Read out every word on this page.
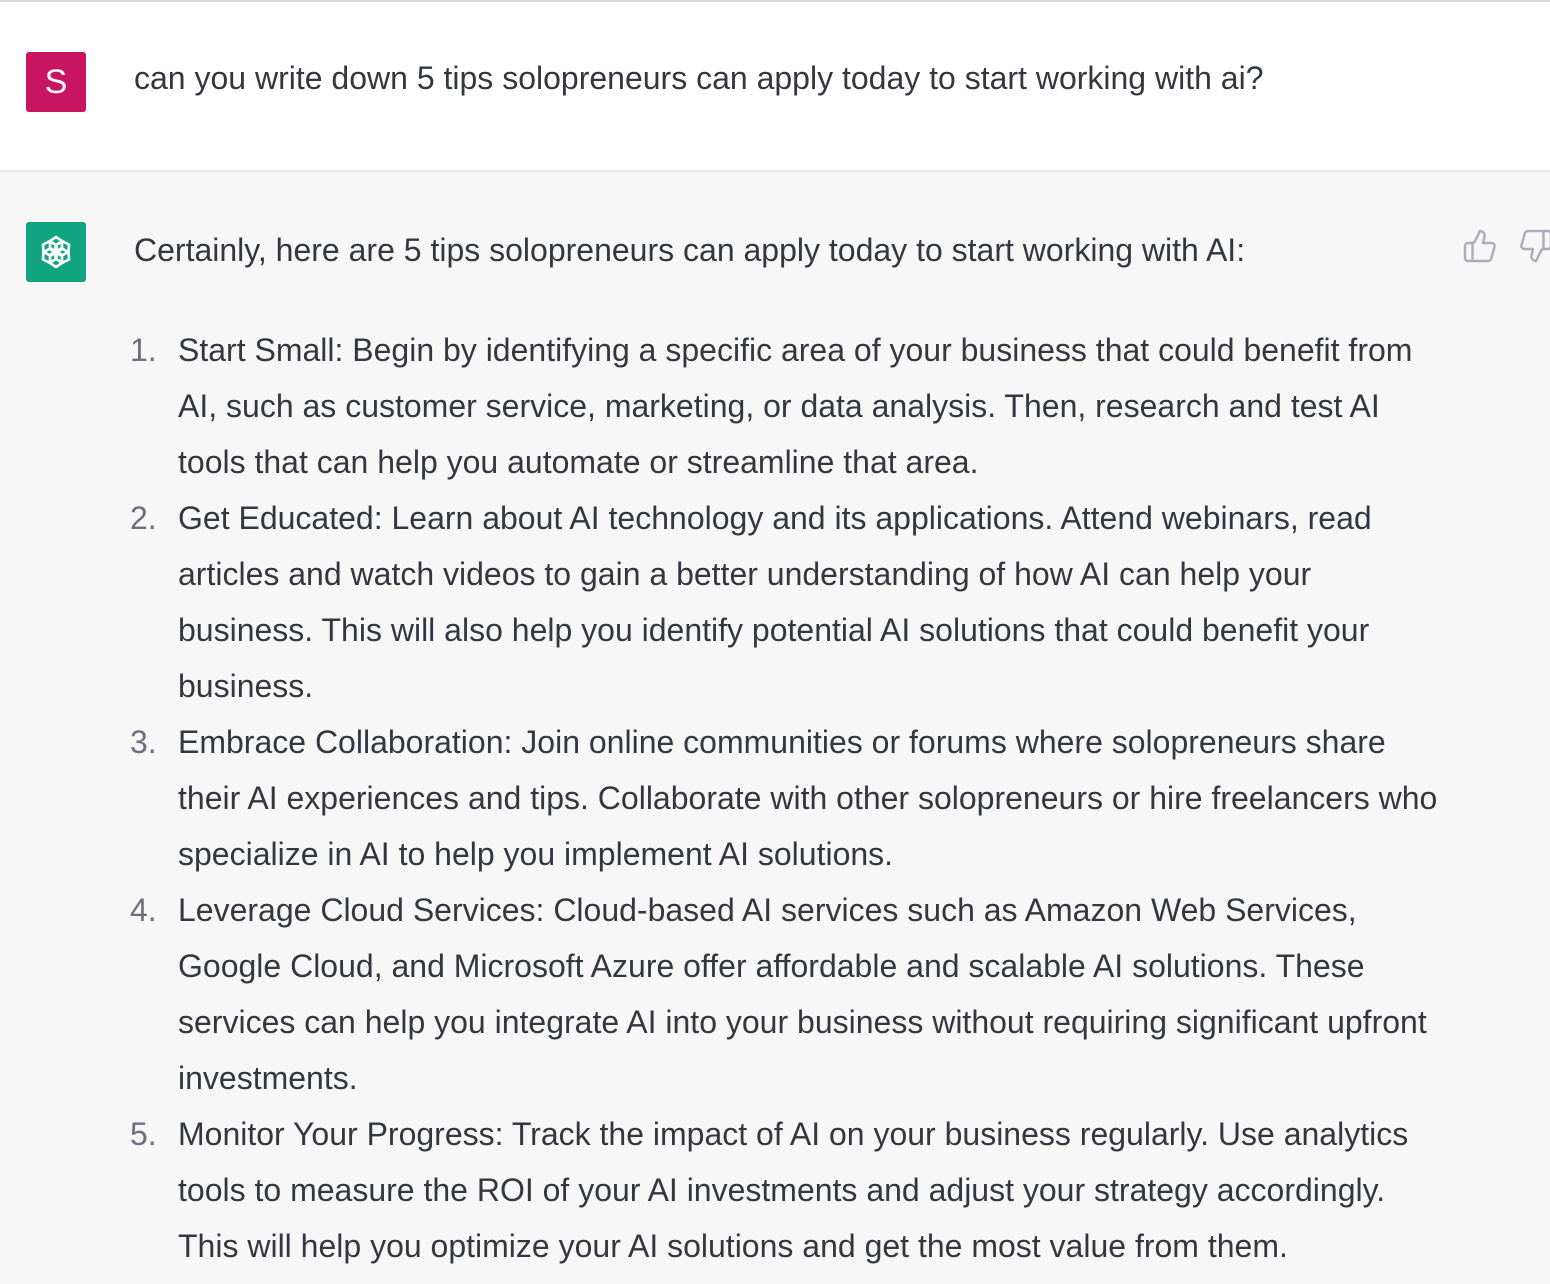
S	can you write down 5 tips solopreneurs can apply today to start working with ai?
Certainly, here are 5 tips solopreneurs can apply today to start working with AI:
1. Start Small: Begin by identifying a specific area of your business that could benefit from AI, such as customer service, marketing, or data analysis. Then, research and test AI tools that can help you automate or streamline that area.
2. Get Educated: Learn about AI technology and its applications. Attend webinars, read articles and watch videos to gain a better understanding of how AI can help your business. This will also help you identify potential AI solutions that could benefit your business.
3. Embrace Collaboration: Join online communities or forums where solopreneurs share their AI experiences and tips. Collaborate with other solopreneurs or hire freelancers who specialize in AI to help you implement AI solutions.
4. Leverage Cloud Services: Cloud-based AI services such as Amazon Web Services, Google Cloud, and Microsoft Azure offer affordable and scalable AI solutions. These services can help you integrate AI into your business without requiring significant upfront investments.
5. Monitor Your Progress: Track the impact of AI on your business regularly. Use analytics tools to measure the ROI of your AI investments and adjust your strategy accordingly. This will help you optimize your AI solutions and get the most value from them.
